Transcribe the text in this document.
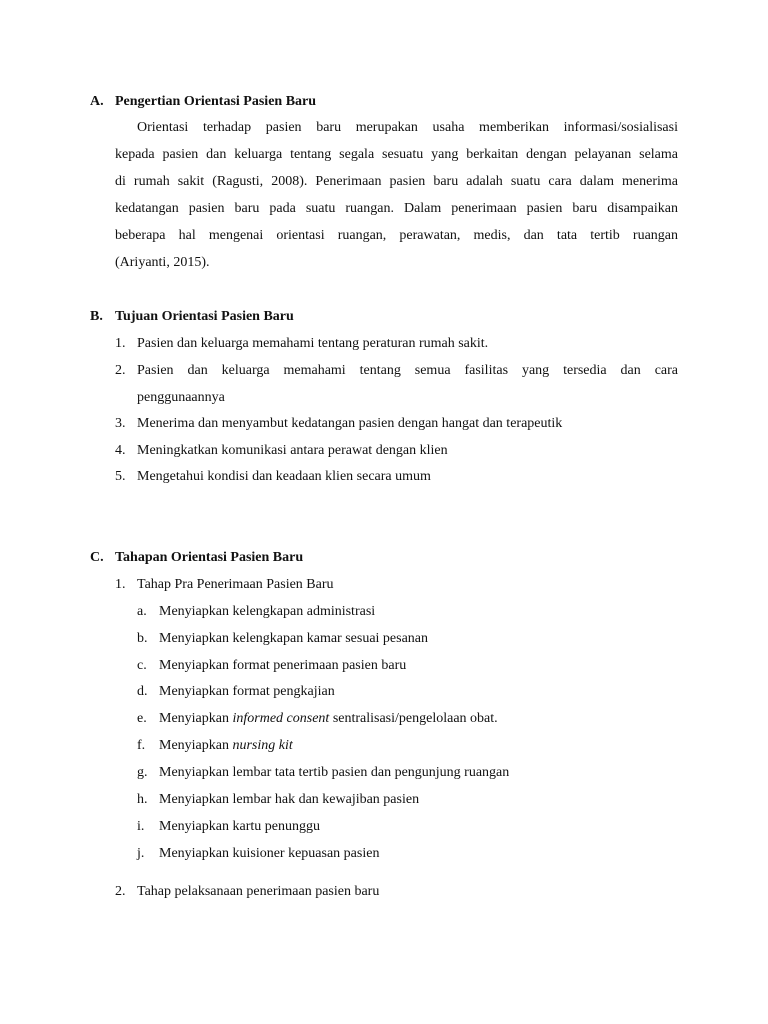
A. Pengertian Orientasi Pasien Baru
Orientasi terhadap pasien baru merupakan usaha memberikan informasi/sosialisasi
kepada pasien dan keluarga tentang segala sesuatu yang berkaitan dengan pelayanan selama
di rumah sakit (Ragusti, 2008). Penerimaan pasien baru adalah suatu cara dalam menerima
kedatangan pasien baru pada suatu ruangan. Dalam penerimaan pasien baru disampaikan
beberapa hal mengenai orientasi ruangan, perawatan, medis, dan tata tertib ruangan
(Ariyanti, 2015).
B. Tujuan Orientasi Pasien Baru
1. Pasien dan keluarga memahami tentang peraturan rumah sakit.
2. Pasien dan keluarga memahami tentang semua fasilitas yang tersedia dan cara
penggunaannya
3. Menerima dan menyambut kedatangan pasien dengan hangat dan terapeutik
4. Meningkatkan komunikasi antara perawat dengan klien
5. Mengetahui kondisi dan keadaan klien secara umum
C. Tahapan Orientasi Pasien Baru
1. Tahap Pra Penerimaan Pasien Baru
a. Menyiapkan kelengkapan administrasi
b. Menyiapkan kelengkapan kamar sesuai pesanan
c. Menyiapkan format penerimaan pasien baru
d. Menyiapkan format pengkajian
e. Menyiapkan informed consent sentralisasi/pengelolaan obat.
f. Menyiapkan nursing kit
g. Menyiapkan lembar tata tertib pasien dan pengunjung ruangan
h. Menyiapkan lembar hak dan kewajiban pasien
i. Menyiapkan kartu penunggu
j. Menyiapkan kuisioner kepuasan pasien
2. Tahap pelaksanaan penerimaan pasien baru
